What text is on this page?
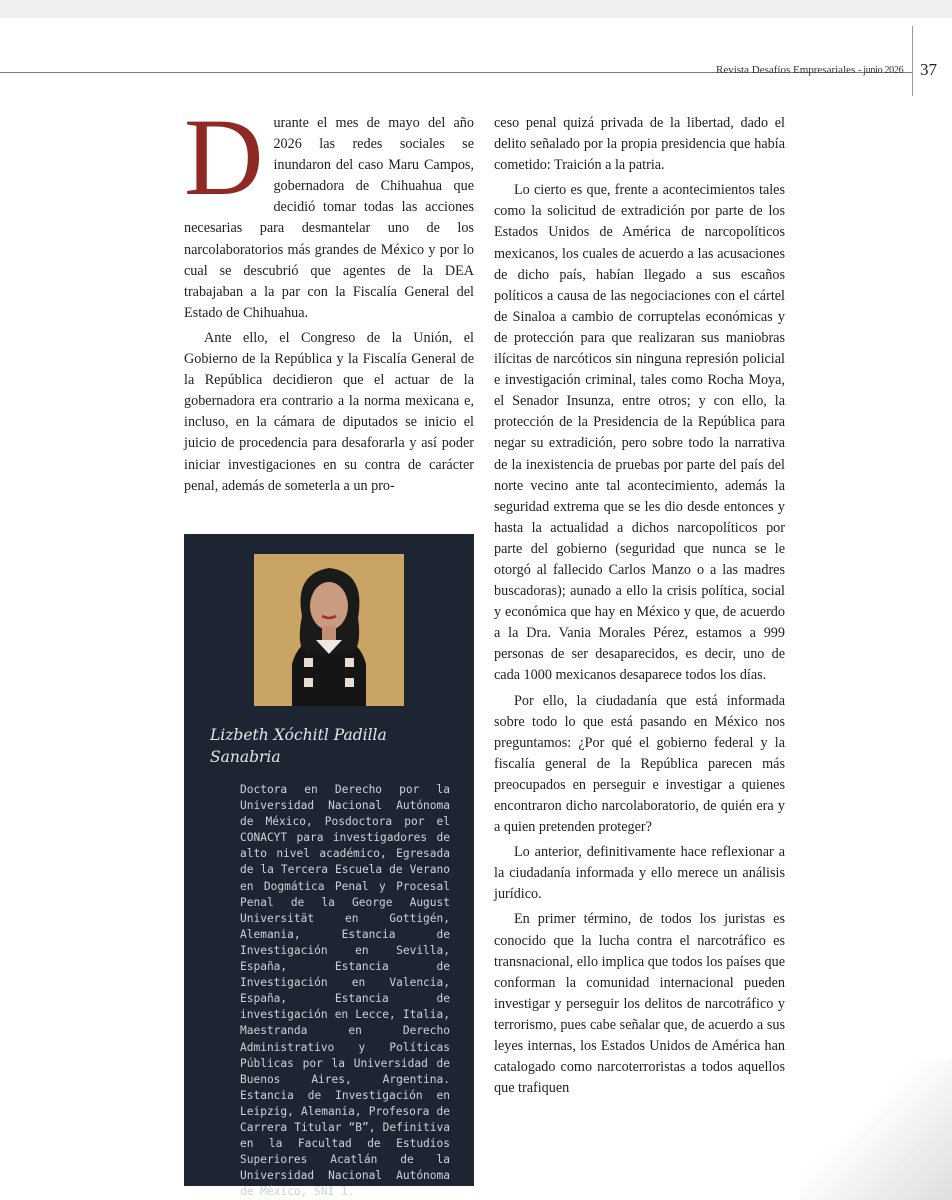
Revista Desafíos Empresariales - junio 2026 37

Durante el mes de mayo del año 2026 las redes sociales se inundaron del caso Maru Campos, gobernadora de Chihuahua que decidió tomar todas las acciones necesarias para desmantelar uno de los narcolaboratorios más grandes de México y por lo cual se descubrió que agentes de la DEA trabajaban a la par con la Fiscalía General del Estado de Chihuahua.

Ante ello, el Congreso de la Unión, el Gobierno de la República y la Fiscalía General de la República decidieron que el actuar de la gobernadora era contrario a la norma mexicana e, incluso, en la cámara de diputados se inicio el juicio de procedencia para desaforarla y así poder iniciar investigaciones en su contra de carácter penal, además de someterla a un pro-

ceso penal quizá privada de la libertad, dado el delito señalado por la propia presidencia que había cometido: Traición a la patria.

Lo cierto es que, frente a acontecimientos tales como la solicitud de extradición por parte de los Estados Unidos de América de narcopolíticos mexicanos, los cuales de acuerdo a las acusaciones de dicho país, habían llegado a sus escaños políticos a causa de las negociaciones con el cártel de Sinaloa a cambio de corruptelas económicas y de protección para que realizaran sus maniobras ilícitas de narcóticos sin ninguna represión policial e investigación criminal, tales como Rocha Moya, el Senador Insunza, entre otros; y con ello, la protección de la Presidencia de la República para negar su extradición, pero sobre todo la narrativa de la inexistencia de pruebas por parte del país del norte vecino ante tal acontecimiento, además la seguridad extrema que se les dio desde entonces y hasta la actualidad a dichos narcopolíticos por parte del gobierno (seguridad que nunca se le otorgó al fallecido Carlos Manzo o a las madres buscadoras); aunado a ello la crisis política, social y económica que hay en México y que, de acuerdo a la Dra. Vania Morales Pérez, estamos a 999 personas de ser desaparecidos, es decir, uno de cada 1000 mexicanos desaparece todos los días.

Por ello, la ciudadanía que está informada sobre todo lo que está pasando en México nos preguntamos: ¿Por qué el gobierno federal y la fiscalía general de la República parecen más preocupados en perseguir e investigar a quienes encontraron dicho narcolaboratorio, de quién era y a quien pretenden proteger?

Lo anterior, definitivamente hace reflexionar a la ciudadanía informada y ello merece un análisis jurídico.

En primer término, de todos los juristas es conocido que la lucha contra el narcotráfico es transnacional, ello implica que todos los países que conforman la comunidad internacional pueden investigar y perseguir los delitos de narcotráfico y terrorismo, pues cabe señalar que, de acuerdo a sus leyes internas, los Estados Unidos de América han catalogado como narcoterroristas a todos aquellos que trafiquen

Lizbeth Xóchitl Padilla Sanabria

Doctora en Derecho por la Universidad Nacional Autónoma de México, Posdoctora por el CONACYT para investigadores de alto nivel académico, Egresada de la Tercera Escuela de Verano en Dogmática Penal y Procesal Penal de la George August Universität en Gottigén, Alemania, Estancia de Investigación en Sevilla, España, Estancia de Investigación en Valencia, España, Estancia de investigación en Lecce, Italia, Maestranda en Derecho Administrativo y Políticas Públicas por la Universidad de Buenos Aires, Argentina. Estancia de Investigación en Leipzig, Alemania, Profesora de Carrera Titular “B”, Definitiva en la Facultad de Estudios Superiores Acatlán de la Universidad Nacional Autónoma de México, SNI 1.
